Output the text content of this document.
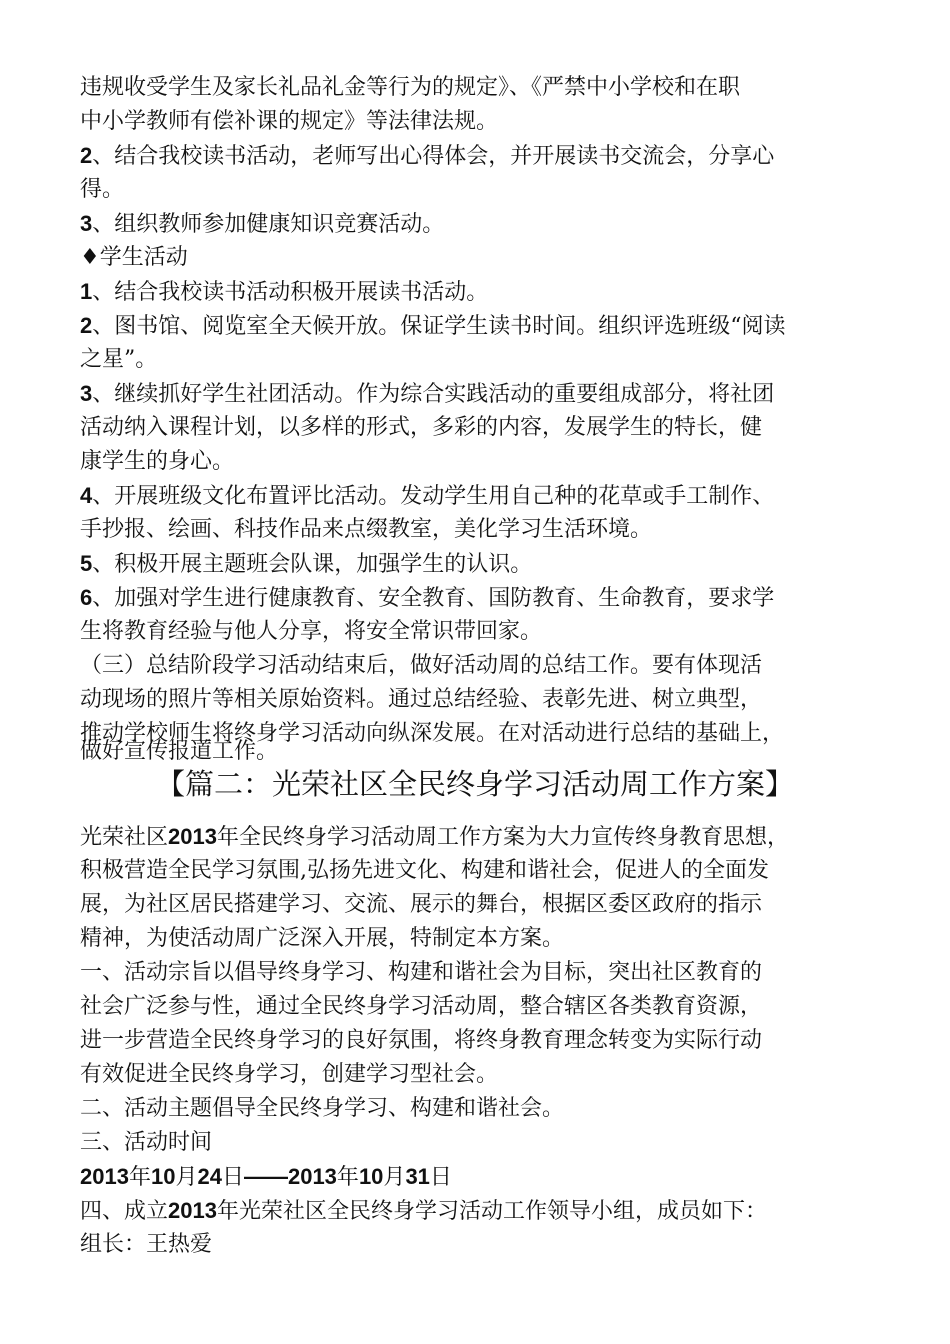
违规收受学生及家长礼品礼金等行为的规定》、《严禁中小学校和在职
中小学教师有偿补课的规定》等法律法规。
2、结合我校读书活动，老师写出心得体会，并开展读书交流会，分享心
得。
3、组织教师参加健康知识竞赛活动。
♦学生活动
1、结合我校读书活动积极开展读书活动。
2、图书馆、阅览室全天候开放。保证学生读书时间。组织评选班级“阅读
之星”。
3、继续抓好学生社团活动。作为综合实践活动的重要组成部分，将社团
活动纳入课程计划，以多样的形式，多彩的内容，发展学生的特长，健
康学生的身心。
4、开展班级文化布置评比活动。发动学生用自己种的花草或手工制作、
手抄报、绘画、科技作品来点缀教室，美化学习生活环境。
5、积极开展主题班会队课，加强学生的认识。
6、加强对学生进行健康教育、安全教育、国防教育、生命教育，要求学
生将教育经验与他人分享，将安全常识带回家。
（三）总结阶段学习活动结束后，做好活动周的总结工作。要有体现活
动现场的照片等相关原始资料。通过总结经验、表彰先进、树立典型，
推动学校师生将终身学习活动向纵深发展。在对活动进行总结的基础上，
做好宣传报道工作。
【篇二：光荣社区全民终身学习活动周工作方案】
光荣社区2013年全民终身学习活动周工作方案为大力宣传终身教育思想，
积极营造全民学习氛围,弘扬先进文化、构建和谐社会，促进人的全面发
展，为社区居民搭建学习、交流、展示的舞台，根据区委区政府的指示
精神，为使活动周广泛深入开展，特制定本方案。
一、活动宗旨以倡导终身学习、构建和谐社会为目标，突出社区教育的
社会广泛参与性，通过全民终身学习活动周，整合辖区各类教育资源，
进一步营造全民终身学习的良好氛围，将终身教育理念转变为实际行动
有效促进全民终身学习，创建学习型社会。
二、活动主题倡导全民终身学习、构建和谐社会。
三、活动时间
2013年10月24日——2013年10月31日
四、成立2013年光荣社区全民终身学习活动工作领导小组，成员如下：
组长：王热爱
